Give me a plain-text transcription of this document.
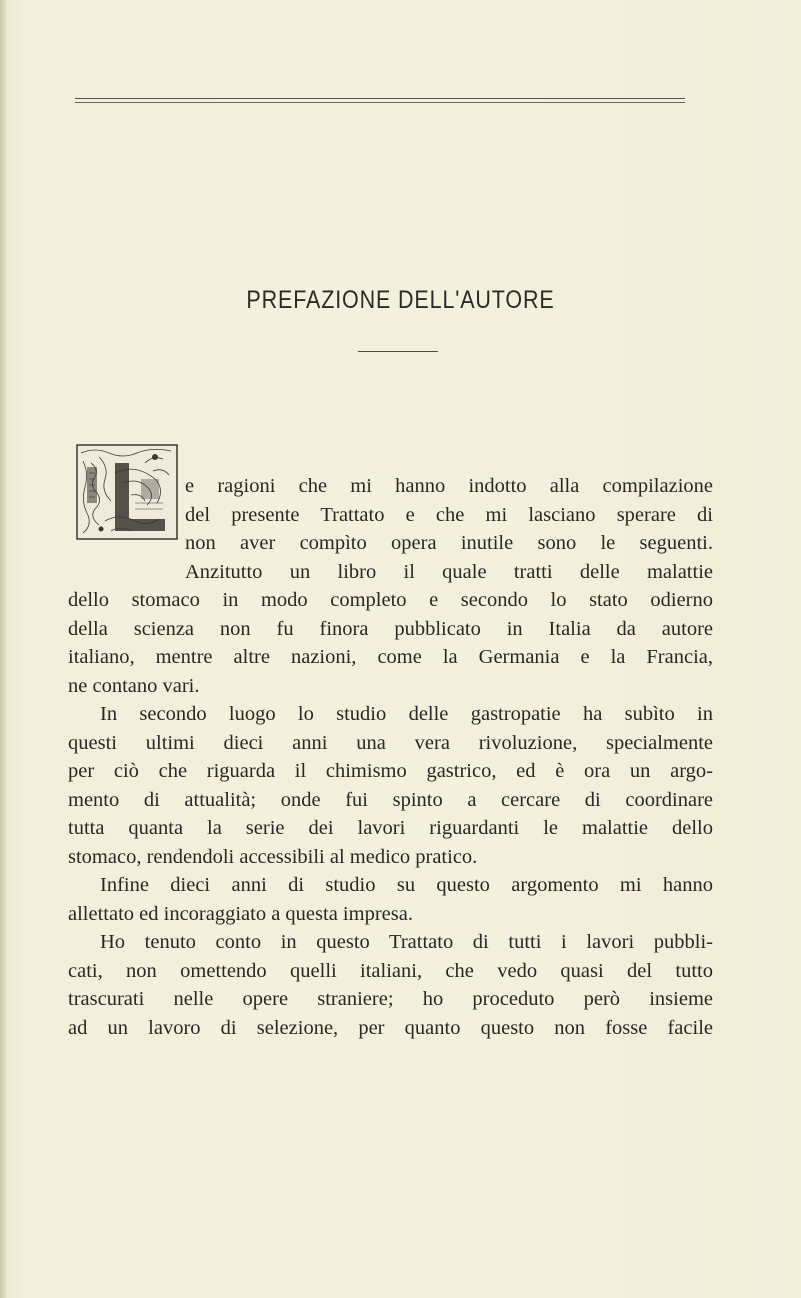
PREFAZIONE DELL'AUTORE
e ragioni che mi hanno indotto alla compilazione
del presente Trattato e che mi lasciano sperare di
non aver compìto opera inutile sono le seguenti.
Anzitutto un libro il quale tratti delle malattie
dello stomaco in modo completo e secondo lo stato odierno
della scienza non fu finora pubblicato in Italia da autore
italiano, mentre altre nazioni, come la Germania e la Francia,
ne contano vari.
In secondo luogo lo studio delle gastropatie ha subìto in
questi ultimi dieci anni una vera rivoluzione, specialmente
per ciò che riguarda il chimismo gastrico, ed è ora un argo-
mento di attualità; onde fui spinto a cercare di coordinare
tutta quanta la serie dei lavori riguardanti le malattie dello
stomaco, rendendoli accessibili al medico pratico.
Infine dieci anni di studio su questo argomento mi hanno
allettato ed incoraggiato a questa impresa.
Ho tenuto conto in questo Trattato di tutti i lavori pubbli-
cati, non omettendo quelli italiani, che vedo quasi del tutto
trascurati nelle opere straniere; ho proceduto però insieme
ad un lavoro di selezione, per quanto questo non fosse facile
